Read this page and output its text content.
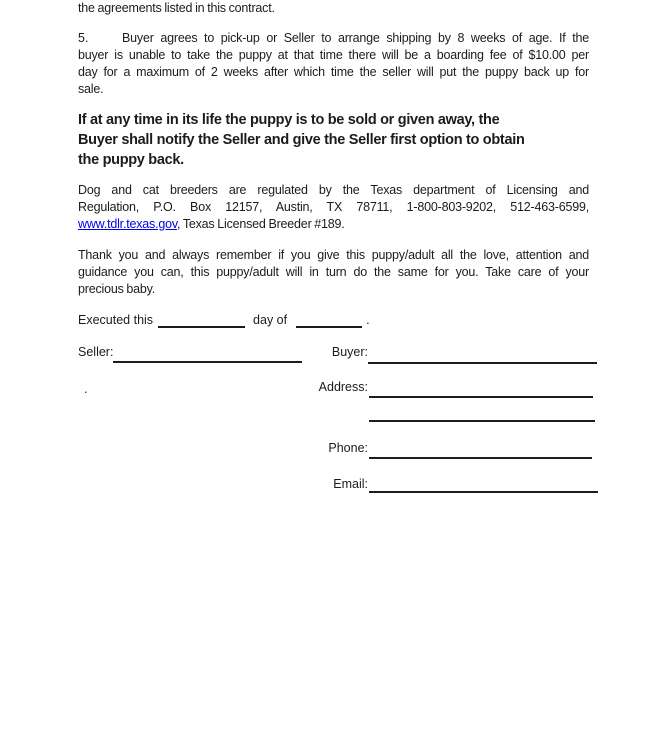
the agreements listed in this contract.
5.	Buyer agrees to pick-up or Seller to arrange shipping by 8 weeks of age. If the
buyer is unable to take the puppy at that time there will be a boarding fee of $10.00 per
day for a maximum of 2 weeks after which time the seller will put the puppy back up for
sale.
If at any time in its life the puppy is to be sold or given away, the
Buyer shall notify the Seller and give the Seller first option to obtain
the puppy back.
Dog and cat breeders are regulated by the Texas department of Licensing and
Regulation, P.O. Box 12157, Austin, TX 78711, 1-800-803-9202, 512-463-6599,
www.tdlr.texas.gov, Texas Licensed Breeder #189.
Thank you and always remember if you give this puppy/adult all the love, attention and
guidance you can, this puppy/adult will in turn do the same for you. Take care of your
precious baby.
Executed this	day of	.
Seller:	Buyer:
.	Address:
Phone:
Email:
